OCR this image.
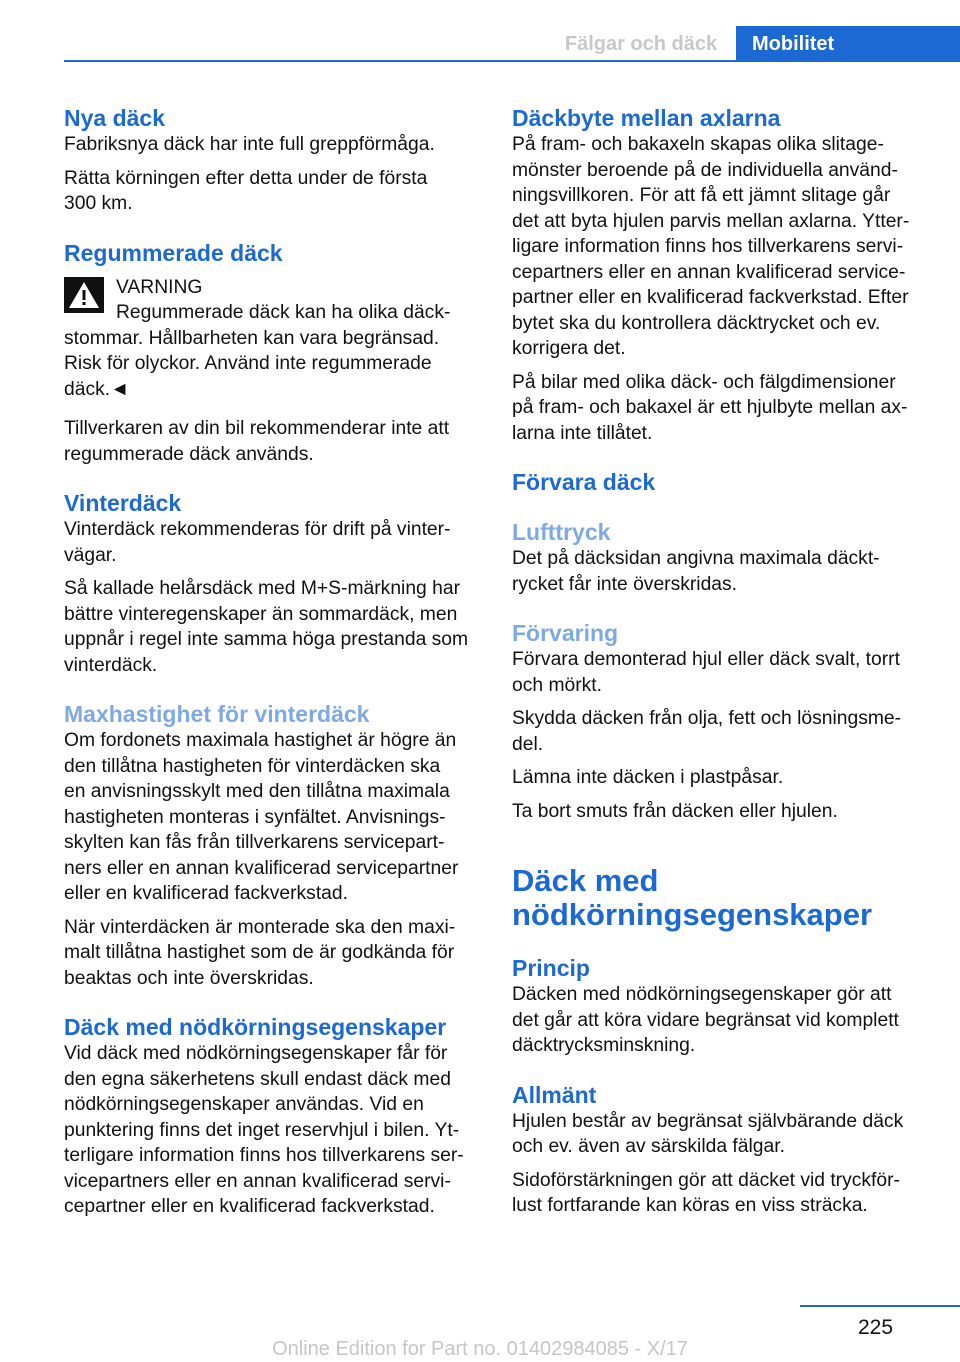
Fälgar och däck	Mobilitet
Nya däck
Fabriksnya däck har inte full greppförmåga.
Rätta körningen efter detta under de första
300 km.
Regummerade däck
VARNING
Regummerade däck kan ha olika däck-
stommar. Hållbarheten kan vara begränsad.
Risk för olyckor. Använd inte regummerade
däck.◄
Tillverkaren av din bil rekommenderar inte att
regummerade däck används.
Vinterdäck
Vinterdäck rekommenderas för drift på vinter-
vägar.
Så kallade helårsdäck med M+S-märkning har
bättre vinteregenskaper än sommardäck, men
uppnår i regel inte samma höga prestanda som
vinterdäck.
Maxhastighet för vinterdäck
Om fordonets maximala hastighet är högre än
den tillåtna hastigheten för vinterdäcken ska
en anvisningsskylt med den tillåtna maximala
hastigheten monteras i synfältet. Anvisnings-
skylten kan fås från tillverkarens servicepart-
ners eller en annan kvalificerad servicepartner
eller en kvalificerad fackverkstad.
När vinterdäcken är monterade ska den maxi-
malt tillåtna hastighet som de är godkända för
beaktas och inte överskridas.
Däck med nödkörningsegenskaper
Vid däck med nödkörningsegenskaper får för
den egna säkerhetens skull endast däck med
nödkörningsegenskaper användas. Vid en
punktering finns det inget reservhjul i bilen. Yt-
terligare information finns hos tillverkarens ser-
vicepartners eller en annan kvalificerad servi-
cepartner eller en kvalificerad fackverkstad.
Däckbyte mellan axlarna
På fram- och bakaxeln skapas olika slitage-
mönster beroende på de individuella använd-
ningsvillkoren. För att få ett jämnt slitage går
det att byta hjulen parvis mellan axlarna. Ytter-
ligare information finns hos tillverkarens servi-
cepartners eller en annan kvalificerad service-
partner eller en kvalificerad fackverkstad. Efter
bytet ska du kontrollera däcktrycket och ev.
korrigera det.
På bilar med olika däck- och fälgdimensioner
på fram- och bakaxel är ett hjulbyte mellan ax-
larna inte tillåtet.
Förvara däck
Lufttryck
Det på däcksidan angivna maximala däckt-
rycket får inte överskridas.
Förvaring
Förvara demonterad hjul eller däck svalt, torrt
och mörkt.
Skydda däcken från olja, fett och lösningsme-
del.
Lämna inte däcken i plastpåsar.
Ta bort smuts från däcken eller hjulen.
Däck med
nödkörningsegenskaper
Princip
Däcken med nödkörningsegenskaper gör att
det går att köra vidare begränsat vid komplett
däcktrycksminskning.
Allmänt
Hjulen består av begränsat självbärande däck
och ev. även av särskilda fälgar.
Sidoförstärkningen gör att däcket vid tryckför-
lust fortfarande kan köras en viss sträcka.
225
Online Edition for Part no. 01402984085 - X/17
